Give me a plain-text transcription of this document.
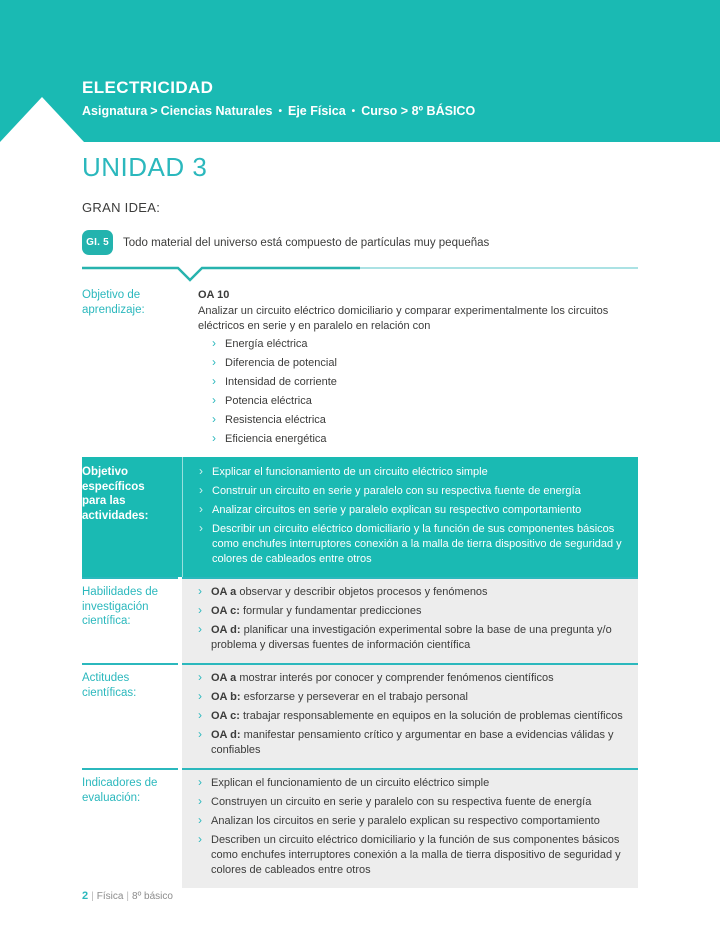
ELECTRICIDAD
Asignatura > Ciencias Naturales • Eje Física • Curso > 8º BÁSICO
UNIDAD 3
GRAN IDEA:
GI. 5	Todo material del universo está compuesto de partículas muy pequeñas
Objetivo de aprendizaje:
OA 10
Analizar un circuito eléctrico domiciliario y comparar experimentalmente los circuitos eléctricos en serie y en paralelo en relación con
› Energía eléctrica
› Diferencia de potencial
› Intensidad de corriente
› Potencia eléctrica
› Resistencia eléctrica
› Eficiencia energética
Objetivo específicos para las actividades:
› Explicar el funcionamiento de un circuito eléctrico simple
› Construir un circuito en serie y paralelo con su respectiva fuente de energía
› Analizar circuitos en serie y paralelo explican su respectivo comportamiento
› Describir un circuito eléctrico domiciliario y la función de sus componentes básicos como enchufes interruptores conexión a la malla de tierra dispositivo de seguridad y colores de cableados entre otros
Habilidades de investigación científica:
› OA a observar y describir objetos procesos y fenómenos
› OA c: formular y fundamentar predicciones
› OA d: planificar una investigación experimental sobre la base de una pregunta y/o problema y diversas fuentes de información científica
Actitudes científicas:
› OA a mostrar interés por conocer y comprender fenómenos científicos
› OA b: esforzarse y perseverar en el trabajo personal
› OA c: trabajar responsablemente en equipos en la solución de problemas científicos
› OA d: manifestar pensamiento crítico y argumentar en base a evidencias válidas y confiables
Indicadores de evaluación:
› Explican el funcionamiento de un circuito eléctrico simple
› Construyen un circuito en serie y paralelo con su respectiva fuente de energía
› Analizan los circuitos en serie y paralelo explican su respectivo comportamiento
› Describen un circuito eléctrico domiciliario y la función de sus componentes básicos como enchufes interruptores conexión a la malla de tierra dispositivo de seguridad y colores de cableados entre otros
2 | Física | 8º básico
